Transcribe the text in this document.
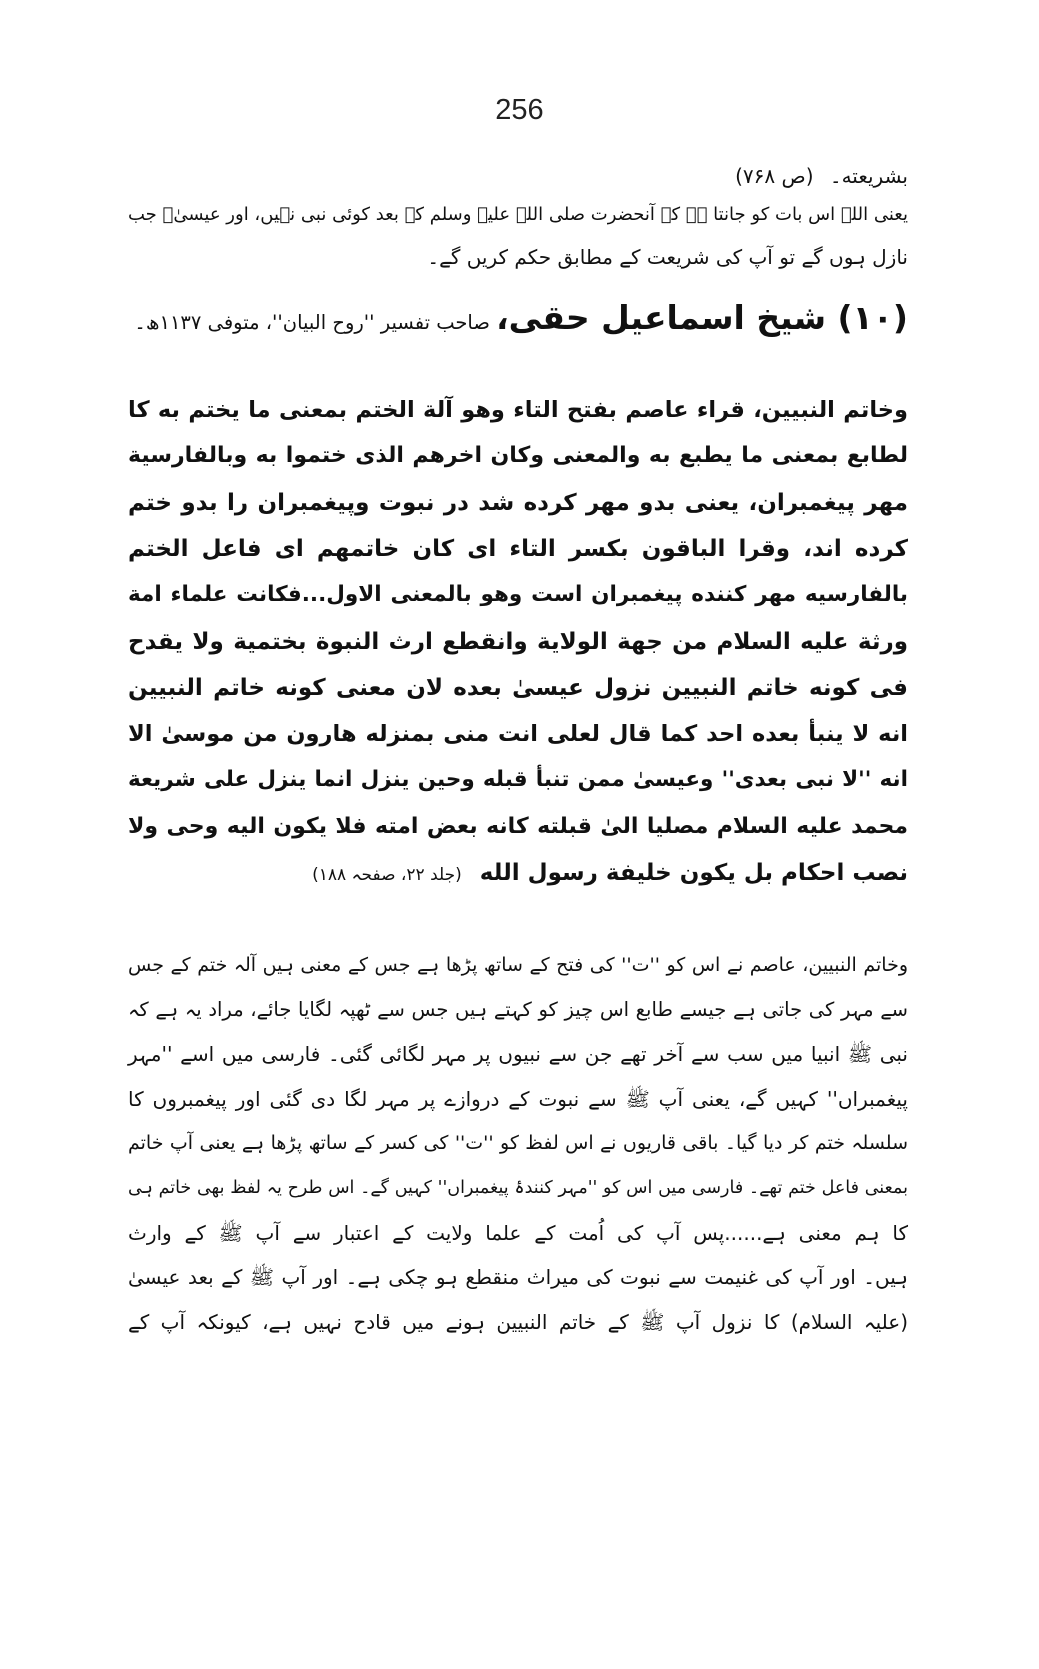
256
بشریعته۔ (ص ۷۶۸)
یعنی اللہ اس بات کو جانتا ہے کہ آنحضرت صلی اللہ علیہ وسلم کے بعد کوئی نبی نہیں، اور عیسیٰؑ جب
نازل ہوں گے تو آپ کی شریعت کے مطابق حکم کریں گے۔
(۱۰) شیخ اسماعیل حقی، صاحب تفسیر ''روح البیان''، متوفی ۱۱۳۷ھ۔
وخاتم النبيين، قراء عاصم بفتح التاء وهو آلة الختم بمعنى ما يختم به كا
لطابع بمعنى ما يطبع به والمعنى وكان اخرهم الذى ختموا به وبالفارسية
مهر پیغمبران، یعنی بدو مهر کرده شد در نبوت وپیغمبران را بدو ختم
کرده اند، وقرا الباقون بکسر التاء ای كان خاتمهم ای فاعل الختم
بالفارسیه مهر کننده پیغمبران است وهو بالمعنى الاول...فكانت علماء امة
ورثة عليه السلام من جهة الولاية وانقطع ارث النبوة بختمية ولا يقدح
فى كونه خاتم النبيين نزول عيسىٰ بعده لان معنى كونه خاتم النبيين
انه لا ينبأ بعده احد كما قال لعلى انت منى بمنزله هارون من موسىٰ الا
انه ''لا نبى بعدى'' وعيسىٰ ممن تنبأ قبله وحين ينزل انما ينزل على شريعة
محمد عليه السلام مصليا الىٰ قبلته كانه بعض امته فلا يكون اليه وحى ولا
نصب احكام بل يكون خليفة رسول الله(جلد ۲۲، صفحہ ۱۸۸)
وخاتم النبیین، عاصم نے اس کو ''ت'' کی فتح کے ساتھ پڑھا ہے جس کے معنی ہیں آلہ ختم کے جس
سے مہر کی جاتی ہے جیسے طابع اس چیز کو کہتے ہیں جس سے ٹھپہ لگایا جائے، مراد یہ ہے کہ
نبی ﷺ انبیا میں سب سے آخر تھے جن سے نبیوں پر مہر لگائی گئی۔ فارسی میں اسے ''مہر
پیغمبراں'' کہیں گے، یعنی آپ ﷺ سے نبوت کے دروازے پر مہر لگا دی گئی اور پیغمبروں کا
سلسلہ ختم کر دیا گیا۔ باقی قاریوں نے اس لفظ کو ''ت'' کی کسر کے ساتھ پڑھا ہے یعنی آپ خاتم
بمعنی فاعل ختم تھے۔ فارسی میں اس کو ''مہر کنندۂ پیغمبراں'' کہیں گے۔ اس طرح یہ لفظ بھی خاتم ہی
کا ہم معنی ہے......پس آپ کی اُمت کے علما ولایت کے اعتبار سے آپ ﷺ کے وارث
ہیں۔ اور آپ کی غنیمت سے نبوت کی میراث منقطع ہو چکی ہے۔ اور آپ ﷺ کے بعد عیسیٰ
(علیہ السلام) کا نزول آپ ﷺ کے خاتم النبیین ہونے میں قادح نہیں ہے، کیونکہ آپ کے
